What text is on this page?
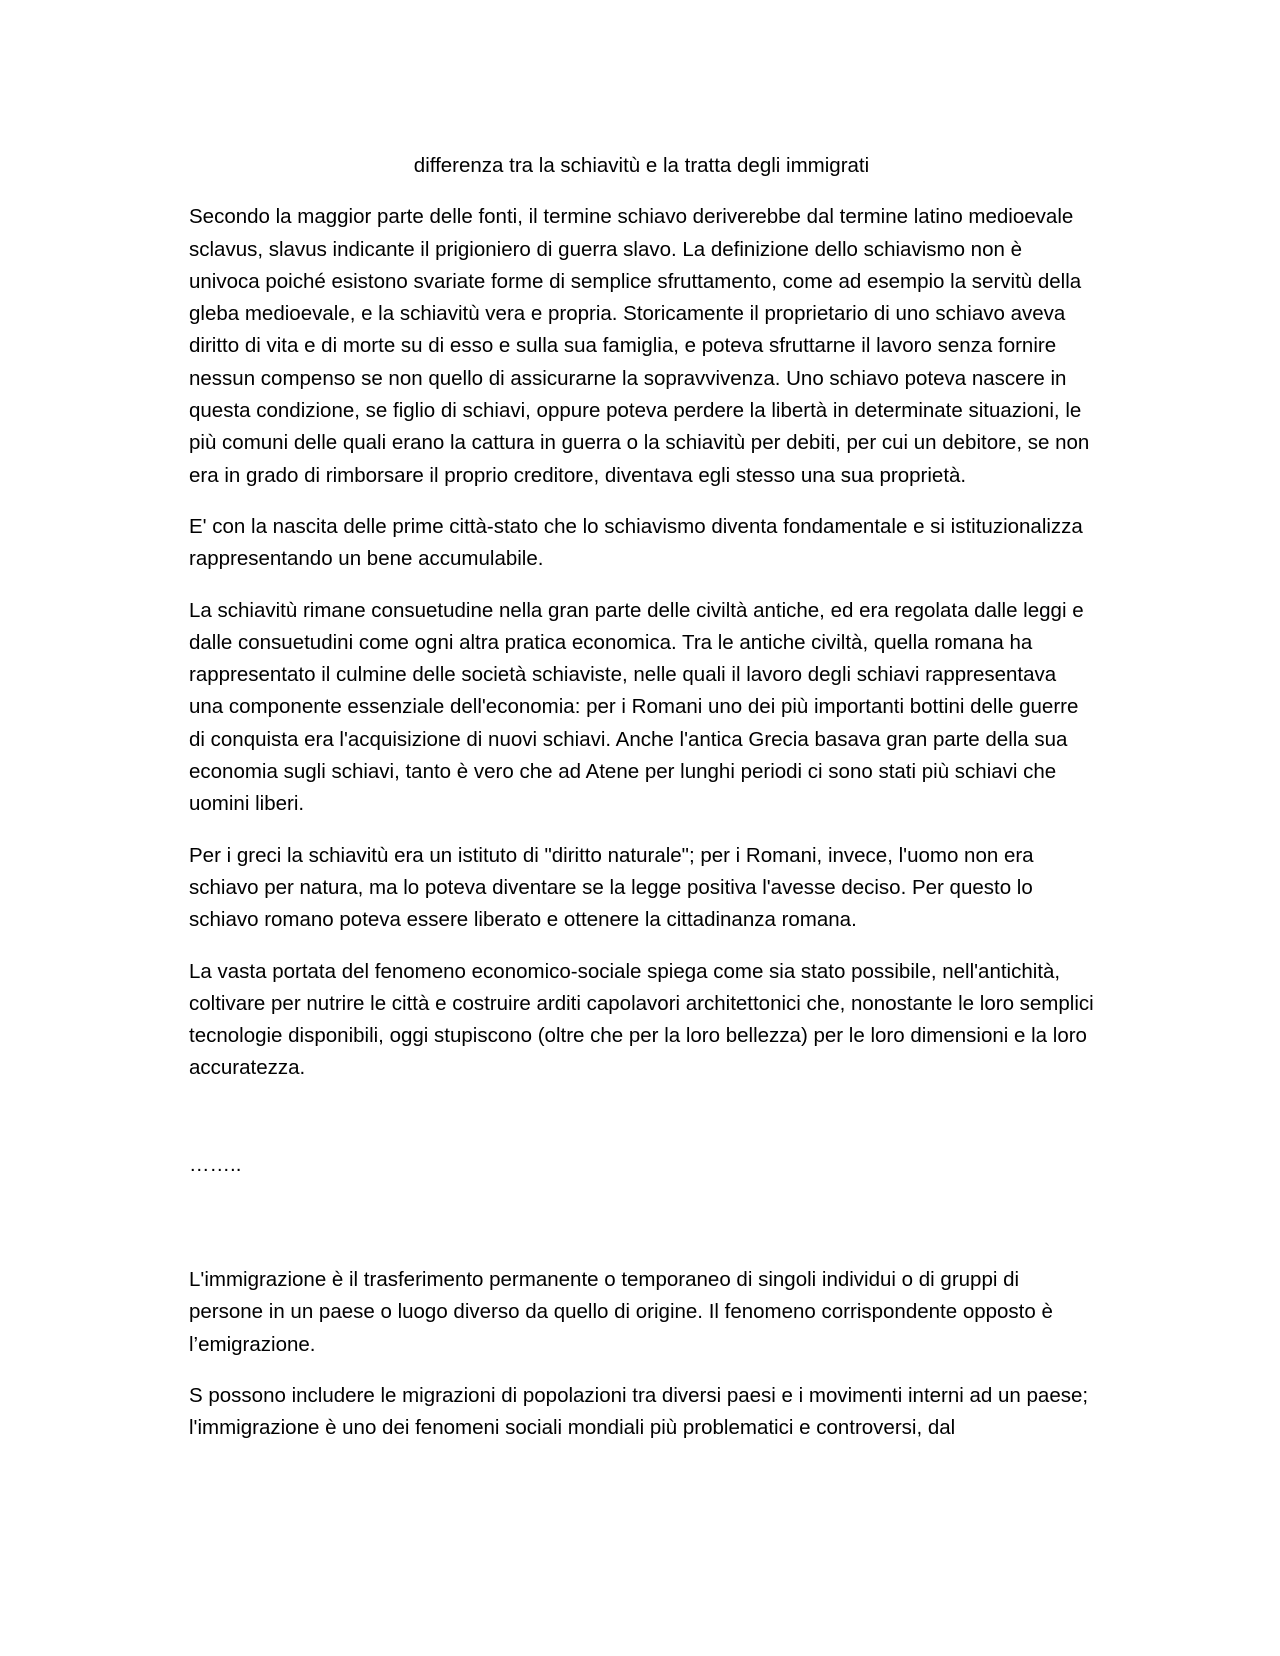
differenza tra la schiavitù e la tratta degli immigrati

Secondo la maggior parte delle fonti, il termine schiavo deriverebbe dal termine latino medioevale sclavus, slavus indicante il prigioniero di guerra slavo. La definizione dello schiavismo non è univoca poiché esistono svariate forme di semplice sfruttamento, come ad esempio la servitù della gleba medioevale, e la schiavitù vera e propria. Storicamente il proprietario di uno schiavo aveva diritto di vita e di morte su di esso e sulla sua famiglia, e poteva sfruttarne il lavoro senza fornire nessun compenso se non quello di assicurarne la sopravvivenza. Uno schiavo poteva nascere in questa condizione, se figlio di schiavi, oppure poteva perdere la libertà in determinate situazioni, le più comuni delle quali erano la cattura in guerra o la schiavitù per debiti, per cui un debitore, se non era in grado di rimborsare il proprio creditore, diventava egli stesso una sua proprietà.

E' con la nascita delle prime città-stato che lo schiavismo diventa fondamentale e si istituzionalizza rappresentando un bene accumulabile.

La schiavitù rimane consuetudine nella gran parte delle civiltà antiche, ed era regolata dalle leggi e dalle consuetudini come ogni altra pratica economica. Tra le antiche civiltà, quella romana ha rappresentato il culmine delle società schiaviste, nelle quali il lavoro degli schiavi rappresentava una componente essenziale dell'economia: per i Romani uno dei più importanti bottini delle guerre di conquista era l'acquisizione di nuovi schiavi. Anche l'antica Grecia basava gran parte della sua economia sugli schiavi, tanto è vero che ad Atene per lunghi periodi ci sono stati più schiavi che uomini liberi.

Per i greci la schiavitù era un istituto di "diritto naturale"; per i Romani, invece, l'uomo non era schiavo per natura, ma lo poteva diventare se la legge positiva l'avesse deciso. Per questo lo schiavo romano poteva essere liberato e ottenere la cittadinanza romana.

La vasta portata del fenomeno economico-sociale spiega come sia stato possibile, nell'antichità, coltivare per nutrire le città e costruire arditi capolavori architettonici che, nonostante le loro semplici tecnologie disponibili, oggi stupiscono (oltre che per la loro bellezza) per le loro dimensioni e la loro accuratezza.

……..

L'immigrazione è il trasferimento permanente o temporaneo di singoli individui o di gruppi di persone in un paese o luogo diverso da quello di origine. Il fenomeno corrispondente opposto è l’emigrazione.

S possono includere le migrazioni di popolazioni tra diversi paesi e i movimenti interni ad un paese; l'immigrazione è uno dei fenomeni sociali mondiali più problematici e controversi, dal
